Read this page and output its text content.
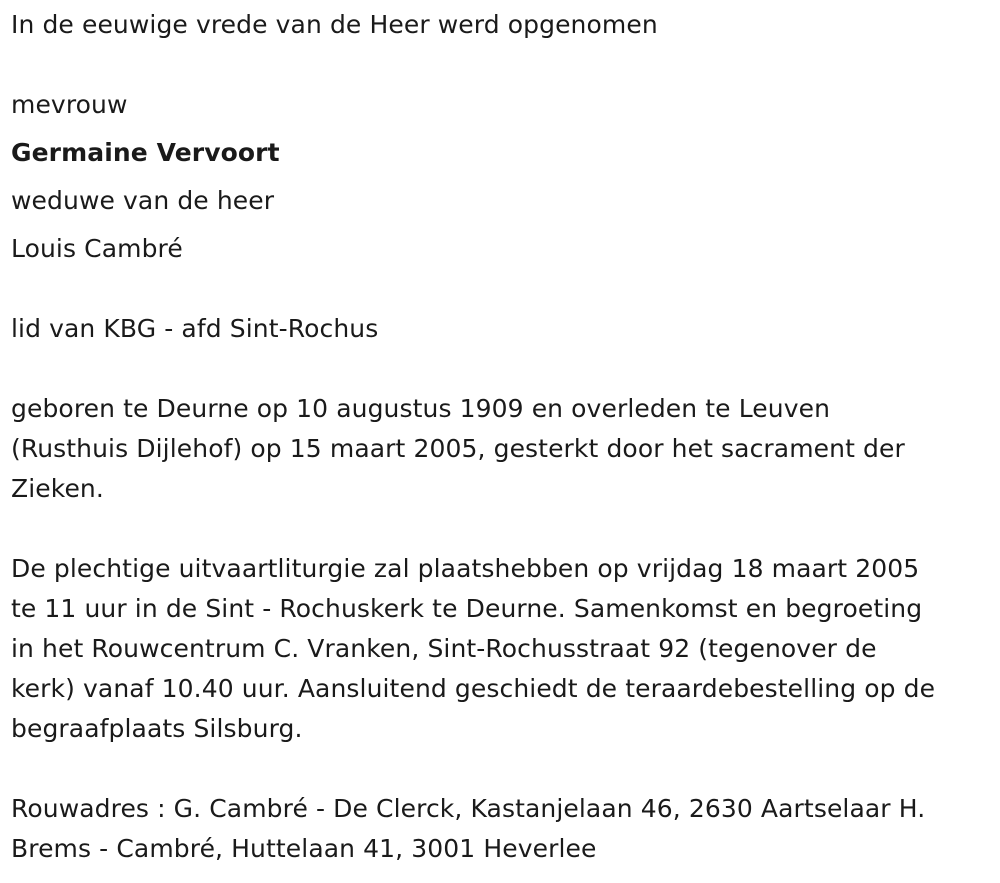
In de eeuwige vrede van de Heer werd opgenomen
mevrouw
Germaine Vervoort
weduwe van de heer
Louis Cambré
lid van KBG - afd Sint-Rochus
geboren te Deurne op 10 augustus 1909 en overleden te Leuven
(Rusthuis Dijlehof) op 15 maart 2005, gesterkt door het sacrament der
Zieken.
De plechtige uitvaartliturgie zal plaatshebben op vrijdag 18 maart 2005
te 11 uur in de Sint - Rochuskerk te Deurne. Samenkomst en begroeting
in het Rouwcentrum C. Vranken, Sint-Rochusstraat 92 (tegenover de
kerk) vanaf 10.40 uur. Aansluitend geschiedt de teraardebestelling op de
begraafplaats Silsburg.
Rouwadres : G. Cambré - De Clerck, Kastanjelaan 46, 2630 Aartselaar H.
Brems - Cambré, Huttelaan 41, 3001 Heverlee
